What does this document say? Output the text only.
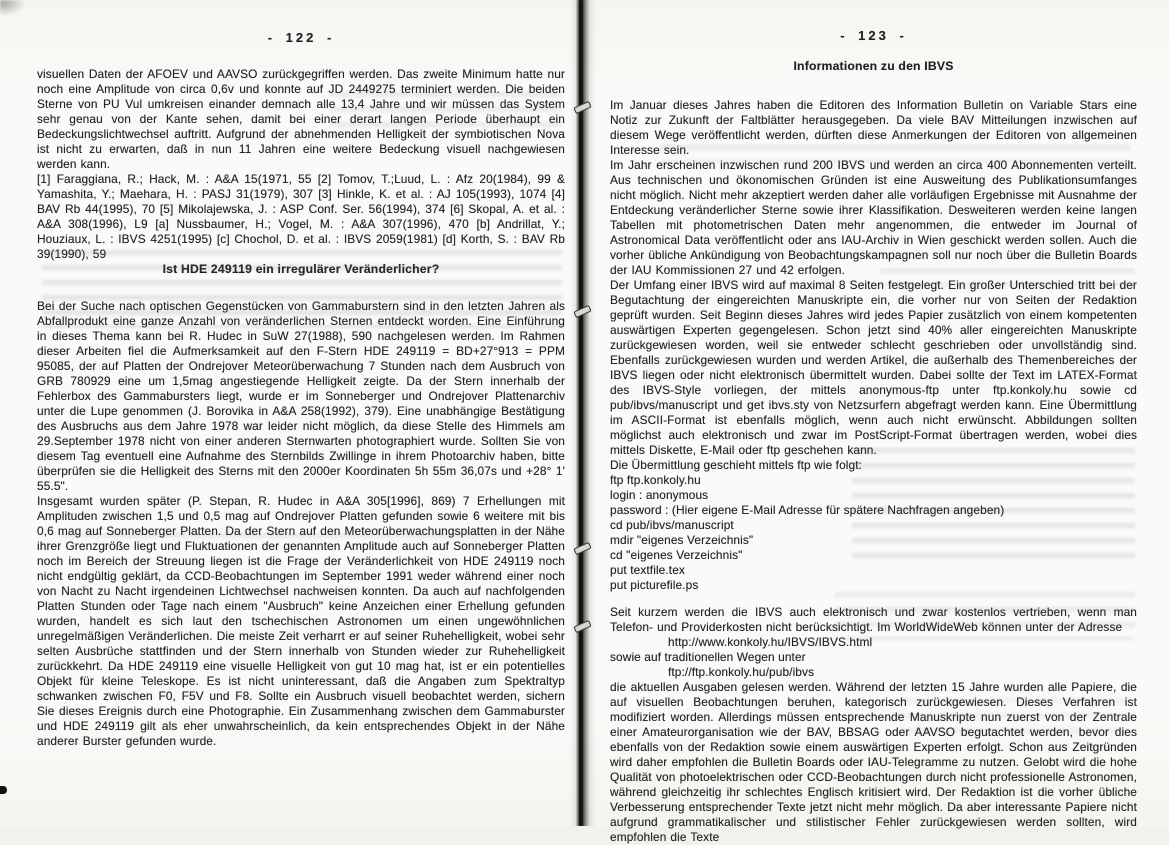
- 122 -

visuellen Daten der AFOEV und AAVSO zurückgegriffen werden. Das zweite Minimum hatte nur noch eine Amplitude von circa 0,6v und konnte auf JD 2449275 terminiert werden. Die beiden Sterne von PU Vul umkreisen einander demnach alle 13,4 Jahre und wir müssen das System sehr genau von der Kante sehen, damit bei einer derart langen Periode überhaupt ein Bedeckungslichtwechsel auftritt. Aufgrund der abnehmenden Helligkeit der symbiotischen Nova ist nicht zu erwarten, daß in nun 11 Jahren eine weitere Bedeckung visuell nachgewiesen werden kann.

[1] Faraggiana, R.; Hack, M. : A&A 15(1971, 55 [2] Tomov, T.;Luud, L. : Afz 20(1984), 99 & Yamashita, Y.; Maehara, H. : PASJ 31(1979), 307 [3] Hinkle, K. et al. : AJ 105(1993), 1074 [4] BAV Rb 44(1995), 70 [5] Mikolajewska, J. : ASP Conf. Ser. 56(1994), 374 [6] Skopal, A. et al. : A&A 308(1996), L9 [a] Nussbaumer, H.; Vogel, M. : A&A 307(1996), 470 [b] Andrillat, Y.; Houziaux, L. : IBVS 4251(1995) [c] Chochol, D. et al. : IBVS 2059(1981) [d] Korth, S. : BAV Rb 39(1990), 59

Ist HDE 249119 ein irregulärer Veränderlicher?

Bei der Suche nach optischen Gegenstücken von Gammaburstern sind in den letzten Jahren als Abfallprodukt eine ganze Anzahl von veränderlichen Sternen entdeckt worden. Eine Einführung in dieses Thema kann bei R. Hudec in SuW 27(1988), 590 nachgelesen werden. Im Rahmen dieser Arbeiten fiel die Aufmerksamkeit auf den F-Stern HDE 249119 = BD+27°913 = PPM 95085, der auf Platten der Ondrejover Meteorüberwachung 7 Stunden nach dem Ausbruch von GRB 780929 eine um 1,5mag angestiegende Helligkeit zeigte. Da der Stern innerhalb der Fehlerbox des Gammabursters liegt, wurde er im Sonneberger und Ondrejover Plattenarchiv unter die Lupe genommen (J. Borovika in A&A 258(1992), 379). Eine unabhängige Bestätigung des Ausbruchs aus dem Jahre 1978 war leider nicht möglich, da diese Stelle des Himmels am 29.September 1978 nicht von einer anderen Sternwarten photographiert wurde. Sollten Sie von diesem Tag eventuell eine Aufnahme des Sternbilds Zwillinge in ihrem Photoarchiv haben, bitte überprüfen sie die Helligkeit des Sterns mit den 2000er Koordinaten 5h 55m 36,07s und +28° 1' 55.5".

Insgesamt wurden später (P. Stepan, R. Hudec in A&A 305[1996], 869) 7 Erhellungen mit Amplituden zwischen 1,5 und 0,5 mag auf Ondrejover Platten gefunden sowie 6 weitere mit bis 0,6 mag auf Sonneberger Platten. Da der Stern auf den Meteorüberwachungsplatten in der Nähe ihrer Grenzgröße liegt und Fluktuationen der genannten Amplitude auch auf Sonneberger Platten noch im Bereich der Streuung liegen ist die Frage der Veränderlichkeit von HDE 249119 noch nicht endgültig geklärt, da CCD-Beobachtungen im September 1991 weder während einer noch von Nacht zu Nacht irgendeinen Lichtwechsel nachweisen konnten. Da auch auf nachfolgenden Platten Stunden oder Tage nach einem "Ausbruch" keine Anzeichen einer Erhellung gefunden wurden, handelt es sich laut den tschechischen Astronomen um einen ungewöhnlichen unregelmäßigen Veränderlichen. Die meiste Zeit verharrt er auf seiner Ruhehelligkeit, wobei sehr selten Ausbrüche stattfinden und der Stern innerhalb von Stunden wieder zur Ruhehelligkeit zurückkehrt. Da HDE 249119 eine visuelle Helligkeit von gut 10 mag hat, ist er ein potentielles Objekt für kleine Teleskope. Es ist nicht uninteressant, daß die Angaben zum Spektraltyp schwanken zwischen F0, F5V und F8. Sollte ein Ausbruch visuell beobachtet werden, sichern Sie dieses Ereignis durch eine Photographie. Ein Zusammenhang zwischen dem Gammaburster und HDE 249119 gilt als eher unwahrscheinlich, da kein entsprechendes Objekt in der Nähe anderer Burster gefunden wurde.

- 123 -
Informationen zu den IBVS

Im Januar dieses Jahres haben die Editoren des Information Bulletin on Variable Stars eine Notiz zur Zukunft der Faltblätter herausgegeben. Da viele BAV Mitteilungen inzwischen auf diesem Wege veröffentlicht werden, dürften diese Anmerkungen der Editoren von allgemeinen Interesse sein.

Im Jahr erscheinen inzwischen rund 200 IBVS und werden an circa 400 Abonnementen verteilt. Aus technischen und ökonomischen Gründen ist eine Ausweitung des Publikationsumfanges nicht möglich. Nicht mehr akzeptiert werden daher alle vorläufigen Ergebnisse mit Ausnahme der Entdeckung veränderlicher Sterne sowie ihrer Klassifikation. Desweiteren werden keine langen Tabellen mit photometrischen Daten mehr angenommen, die entweder im Journal of Astronomical Data veröffentlicht oder ans IAU-Archiv in Wien geschickt werden sollen. Auch die vorher übliche Ankündigung von Beobachtungskampagnen soll nur noch über die Bulletin Boards der IAU Kommissionen 27 und 42 erfolgen.

Der Umfang einer IBVS wird auf maximal 8 Seiten festgelegt. Ein großer Unterschied tritt bei der Begutachtung der eingereichten Manuskripte ein, die vorher nur von Seiten der Redaktion geprüft wurden. Seit Beginn dieses Jahres wird jedes Papier zusätzlich von einem kompetenten auswärtigen Experten gegengelesen. Schon jetzt sind 40% aller eingereichten Manuskripte zurückgewiesen worden, weil sie entweder schlecht geschrieben oder unvollständig sind. Ebenfalls zurückgewiesen wurden und werden Artikel, die außerhalb des Themenbereiches der IBVS liegen oder nicht elektronisch übermittelt wurden. Dabei sollte der Text im LATEX-Format des IBVS-Style vorliegen, der mittels anonymous-ftp unter ftp.konkoly.hu sowie cd pub/ibvs/manuscript und get ibvs.sty von Netzsurfern abgefragt werden kann. Eine Übermittlung im ASCII-Format ist ebenfalls möglich, wenn auch nicht erwünscht. Abbildungen sollten möglichst auch elektronisch und zwar im PostScript-Format übertragen werden, wobei dies mittels Diskette, E-Mail oder ftp geschehen kann.

Die Übermittlung geschieht mittels ftp wie folgt:

ftp ftp.konkoly.hu

login : anonymous

password : (Hier eigene E-Mail Adresse für spätere Nachfragen angeben)

cd pub/ibvs/manuscript

mdir "eigenes Verzeichnis"

cd "eigenes Verzeichnis"

put textfile.tex

put picturefile.ps

Seit kurzem werden die IBVS auch elektronisch und zwar kostenlos vertrieben, wenn man Telefon- und Providerkosten nicht berücksichtigt. Im WorldWideWeb können unter der Adresse

http://www.konkoly.hu/IBVS/IBVS.html

sowie auf traditionellen Wegen unter

ftp://ftp.konkoly.hu/pub/ibvs

die aktuellen Ausgaben gelesen werden. Während der letzten 15 Jahre wurden alle Papiere, die auf visuellen Beobachtungen beruhen, kategorisch zurückgewiesen. Dieses Verfahren ist modifiziert worden. Allerdings müssen entsprechende Manuskripte nun zuerst von der Zentrale einer Amateurorganisation wie der BAV, BBSAG oder AAVSO begutachtet werden, bevor dies ebenfalls von der Redaktion sowie einem auswärtigen Experten erfolgt. Schon aus Zeitgründen wird daher empfohlen die Bulletin Boards oder IAU-Telegramme zu nutzen. Gelobt wird die hohe Qualität von photoelektrischen oder CCD-Beobachtungen durch nicht professionelle Astronomen, während gleichzeitig ihr schlechtes Englisch kritisiert wird. Der Redaktion ist die vorher übliche Verbesserung entsprechender Texte jetzt nicht mehr möglich. Da aber interessante Papiere nicht aufgrund grammatikalischer und stilistischer Fehler zurückgewiesen werden sollten, wird empfohlen die Texte
